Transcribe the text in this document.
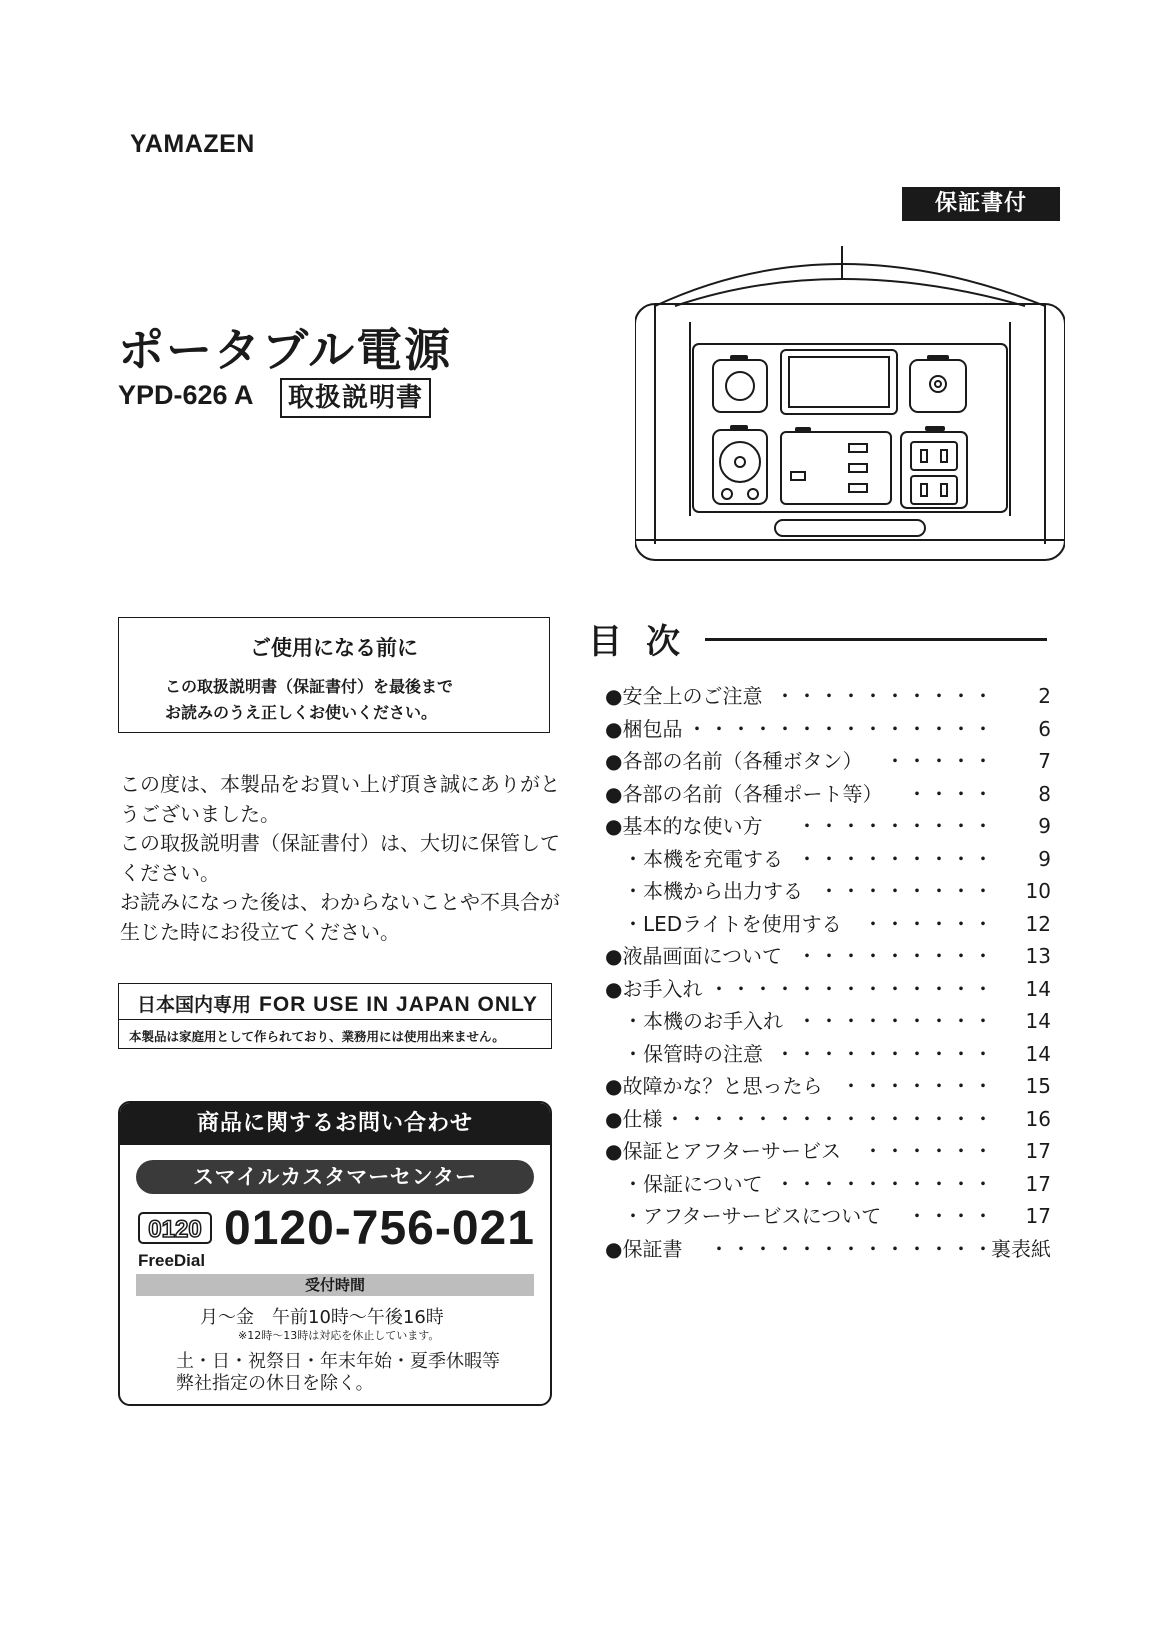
YAMAZEN
保証書付
ポータブル電源
YPD-626 A	取扱説明書
ご使用になる前に
この取扱説明書（保証書付）を最後まで
お読みのうえ正しくお使いください。
この度は、本製品をお買い上げ頂き誠にありがと
うございました。
この取扱説明書（保証書付）は、大切に保管して
ください。
お読みになった後は、わからないことや不具合が
生じた時にお役立てください。
日本国内専用 FOR USE IN JAPAN ONLY
本製品は家庭用として作られており、業務用には使用出来ません。
商品に関するお問い合わせ
スマイルカスタマーセンター
0120
FreeDial
0120-756-021
受付時間
月～金　午前10時～午後16時
※12時～13時は対応を休止しています。
土・日・祝祭日・年末年始・夏季休暇等
弊社指定の休日を除く。
目次
●安全上のご注意 ・・・・・・・・・・ 2
●梱包品 ・・・・・・・・・・・・・・ 6
●各部の名前（各種ボタン） ・・・・・ 7
●各部の名前（各種ポート等） ・・・・ 8
●基本的な使い方 ・・・・・・・・・ 9
・本機を充電する ・・・・・・・・・ 9
・本機から出力する ・・・・・・・・ 10
・LEDライトを使用する ・・・・・・ 12
●液晶画面について ・・・・・・・・・ 13
●お手入れ ・・・・・・・・・・・・・ 14
・本機のお手入れ ・・・・・・・・・ 14
・保管時の注意 ・・・・・・・・・・ 14
●故障かな？と思ったら ・・・・・・・ 15
●仕様 ・・・・・・・・・・・・・・・ 16
●保証とアフターサービス ・・・・・・ 17
・保証について ・・・・・・・・・・ 17
・アフターサービスについて ・・・・ 17
●保証書 ・・・・・・・・・・・・・
裏表紙
